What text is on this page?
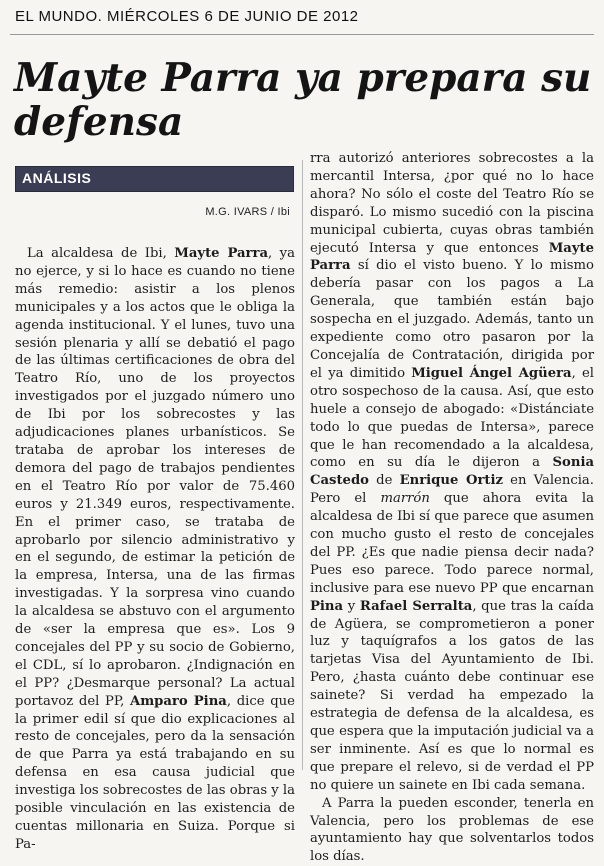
EL MUNDO. MIÉRCOLES 6 DE JUNIO DE 2012
Mayte Parra ya prepara su defensa
ANÁLISIS
M.G. IVARS / Ibi

La alcaldesa de Ibi, Mayte Parra, ya no ejerce, y si lo hace es cuando no tiene más remedio: asistir a los plenos municipales y a los actos que le obliga la agenda institucional. Y el lunes, tuvo una sesión plenaria y allí se debatió el pago de las últimas certificaciones de obra del Teatro Río, uno de los proyectos investigados por el juzgado número uno de Ibi por los sobrecostes y las adjudicaciones planes urbanísticos. Se trataba de aprobar los intereses de demora del pago de trabajos pendientes en el Teatro Río por valor de 75.460 euros y 21.349 euros, respectivamente. En el primer caso, se trataba de aprobarlo por silencio administrativo y en el segundo, de estimar la petición de la empresa, Intersa, una de las firmas investigadas. Y la sorpresa vino cuando la alcaldesa se abstuvo con el argumento de «ser la empresa que es». Los 9 concejales del PP y su socio de Gobierno, el CDL, sí lo aprobaron. ¿Indignación en el PP? ¿Desmarque personal? La actual portavoz del PP, Amparo Pina, dice que la primer edil sí que dio explicaciones al resto de concejales, pero da la sensación de que Parra ya está trabajando en su defensa en esa causa judicial que investiga los sobrecostes de las obras y la posible vinculación en las existencia de cuentas millonaria en Suiza. Porque si Pa-

rra autorizó anteriores sobrecostes a la mercantil Intersa, ¿por qué no lo hace ahora? No sólo el coste del Teatro Río se disparó. Lo mismo sucedió con la piscina municipal cubierta, cuyas obras también ejecutó Intersa y que entonces Mayte Parra sí dio el visto bueno. Y lo mismo debería pasar con los pagos a La Generala, que también están bajo sospecha en el juzgado. Además, tanto un expediente como otro pasaron por la Concejalía de Contratación, dirigida por el ya dimitido Miguel Ángel Agüera, el otro sospechoso de la causa. Así, que esto huele a consejo de abogado: «Distánciate todo lo que puedas de Intersa», parece que le han recomendado a la alcaldesa, como en su día le dijeron a Sonia Castedo de Enrique Ortiz en Valencia. Pero el marrón que ahora evita la alcaldesa de Ibi sí que parece que asumen con mucho gusto el resto de concejales del PP. ¿Es que nadie piensa decir nada? Pues eso parece. Todo parece normal, inclusive para ese nuevo PP que encarnan Pina y Rafael Serralta, que tras la caída de Agüera, se comprometieron a poner luz y taquígrafos a los gatos de las tarjetas Visa del Ayuntamiento de Ibi. Pero, ¿hasta cuánto debe continuar ese sainete? Si verdad ha empezado la estrategia de defensa de la alcaldesa, es que espera que la imputación judicial va a ser inminente. Así es que lo normal es que prepare el relevo, si de verdad el PP no quiere un sainete en Ibi cada semana.

A Parra la pueden esconder, tenerla en Valencia, pero los problemas de ese ayuntamiento hay que solventarlos todos los días.
